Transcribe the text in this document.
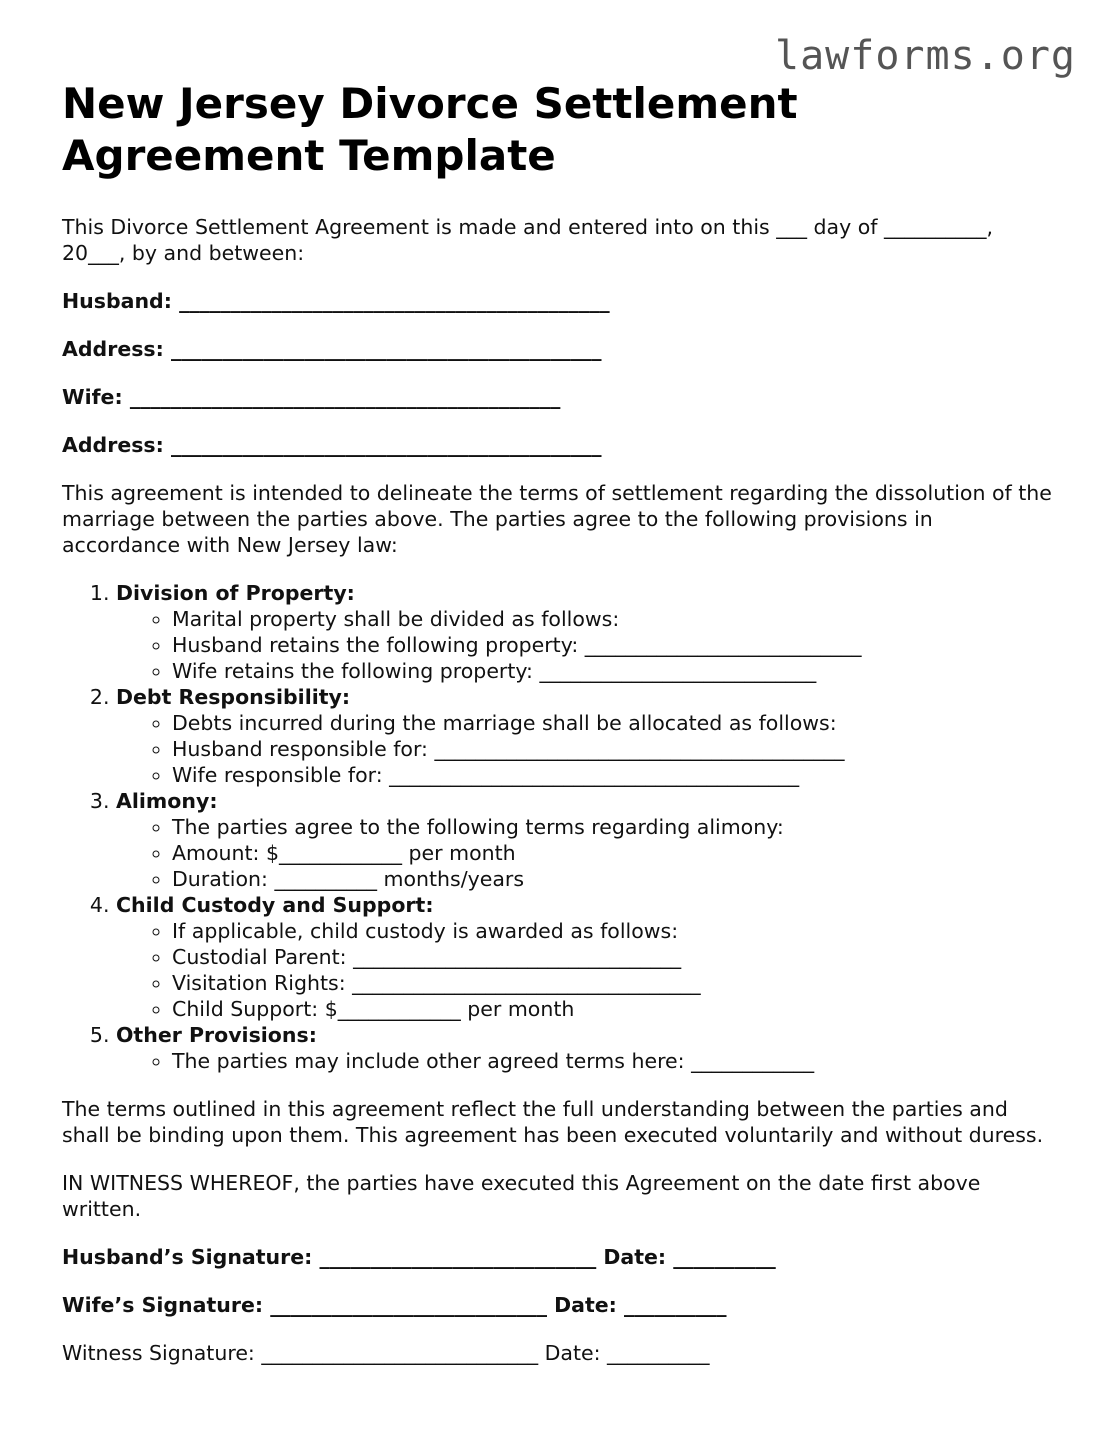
lawforms.org
New Jersey Divorce Settlement
Agreement Template

This Divorce Settlement Agreement is made and entered into on this ___ day of __________, 20___, by and between:

Husband: __________________________________________

Address: __________________________________________

Wife: __________________________________________

Address: __________________________________________

This agreement is intended to delineate the terms of settlement regarding the dissolution of the marriage between the parties above. The parties agree to the following provisions in accordance with New Jersey law:

1. Division of Property:
◦ Marital property shall be divided as follows:
◦ Husband retains the following property: ___________________________
◦ Wife retains the following property: ___________________________
2. Debt Responsibility:
◦ Debts incurred during the marriage shall be allocated as follows:
◦ Husband responsible for: ________________________________________
◦ Wife responsible for: ________________________________________
3. Alimony:
◦ The parties agree to the following terms regarding alimony:
◦ Amount: $____________ per month
◦ Duration: __________ months/years
4. Child Custody and Support:
◦ If applicable, child custody is awarded as follows:
◦ Custodial Parent: ________________________________
◦ Visitation Rights: __________________________________
◦ Child Support: $____________ per month
5. Other Provisions:
◦ The parties may include other agreed terms here: ____________

The terms outlined in this agreement reflect the full understanding between the parties and shall be binding upon them. This agreement has been executed voluntarily and without duress.

IN WITNESS WHEREOF, the parties have executed this Agreement on the date first above written.

Husband’s Signature: ___________________________ Date: __________

Wife’s Signature: ___________________________ Date: __________

Witness Signature: ___________________________ Date: __________
